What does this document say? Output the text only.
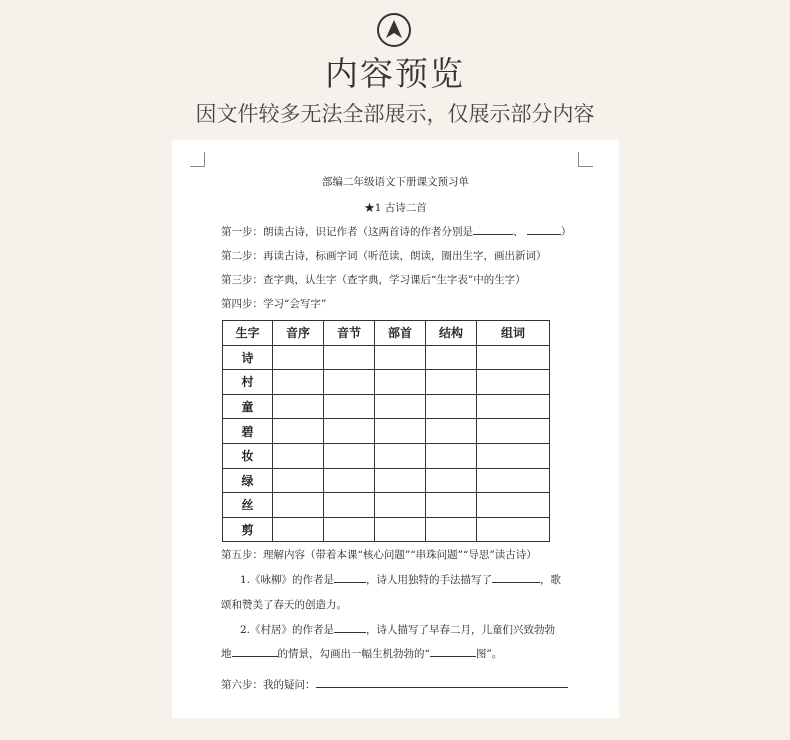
内容预览

因文件较多无法全部展示，仅展示部分内容

部编二年级语文下册课文预习单
★1 古诗二首
第一步：朗读古诗，识记作者（这两首诗的作者分别是	、	）
第二步：再读古诗，标画字词（听范读，朗读，圈出生字，画出新词）
第三步：查字典，认生字（查字典，学习课后“生字表”中的生字）
第四步：学习“会写字”
生字	音序	音节	部首	结构	组词
诗					
村					
童					
碧					
妆					
绿					
丝					
剪					
第五步：理解内容（带着本课“核心问题”“串珠问题”“导思”读古诗）
1.《咏柳》的作者是	，诗人用独特的手法描写了	，歌
颂和赞美了春天的创造力。
2.《村居》的作者是	，诗人描写了早春二月，儿童们兴致勃勃
地	的情景，勾画出一幅生机勃勃的“	图”。
第六步：我的疑问：
